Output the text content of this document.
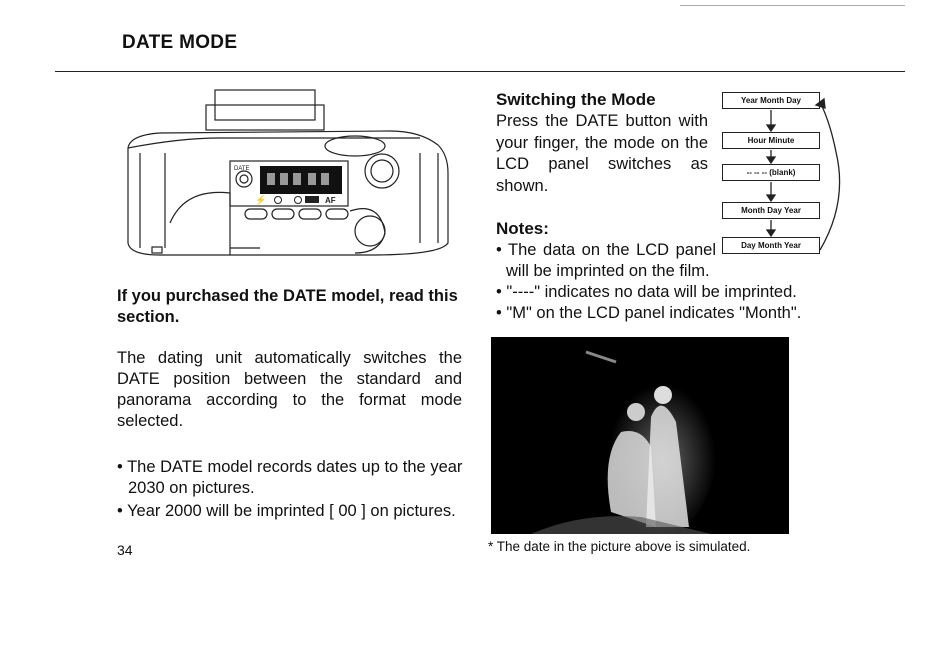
DATE MODE
DATE
⚡	AF
If you purchased the DATE model, read this section.
The dating unit automatically switches the DATE position between the standard and panorama according to the format mode selected.
• The DATE model records dates up to the year 2030 on pictures.
• Year 2000 will be imprinted [ 00 ] on pictures.
34
Switching the Mode
Press the DATE button with your finger, the mode on the LCD panel switches as shown.
Year Month Day
Hour Minute
-- -- -- (blank)
Month Day Year
Day Month Year
Notes:
• The data on the LCD panel will be imprinted on the film.
• "----" indicates no data will be imprinted.
• "M" on the LCD panel indicates "Month".
* The date in the picture above is simulated.
